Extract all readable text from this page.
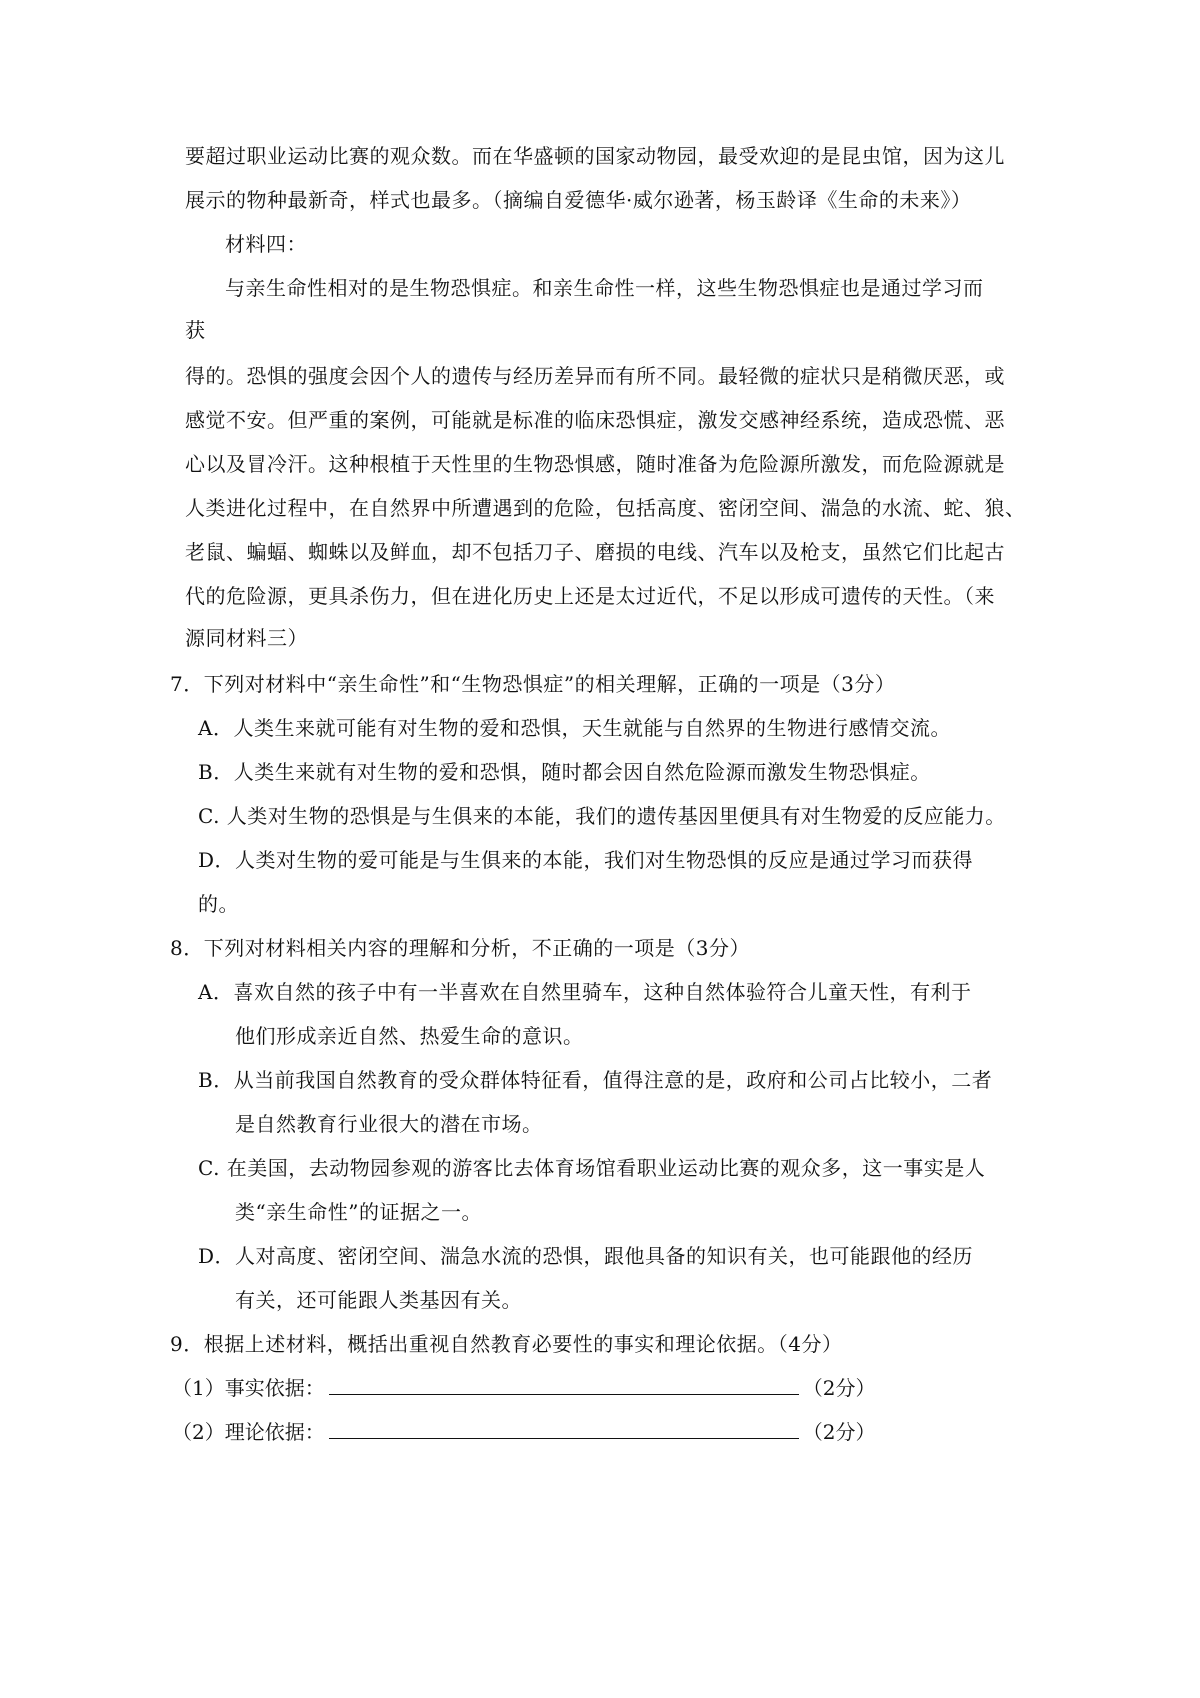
要超过职业运动比赛的观众数。而在华盛顿的国家动物园，最受欢迎的是昆虫馆，因为这儿
展示的物种最新奇，样式也最多。（摘编自爱德华·威尔逊著，杨玉龄译《生命的未来》）
材料四：
与亲生命性相对的是生物恐惧症。和亲生命性一样，这些生物恐惧症也是通过学习而
获
得的。恐惧的强度会因个人的遗传与经历差异而有所不同。最轻微的症状只是稍微厌恶，或
感觉不安。但严重的案例，可能就是标准的临床恐惧症，激发交感神经系统，造成恐慌、恶
心以及冒冷汗。这种根植于天性里的生物恐惧感，随时准备为危险源所激发，而危险源就是
人类进化过程中，在自然界中所遭遇到的危险，包括高度、密闭空间、湍急的水流、蛇、狼、
老鼠、蝙蝠、蜘蛛以及鲜血，却不包括刀子、磨损的电线、汽车以及枪支，虽然它们比起古
代的危险源，更具杀伤力，但在进化历史上还是太过近代，不足以形成可遗传的天性。（来
源同材料三）
7．下列对材料中“亲生命性”和“生物恐惧症”的相关理解，正确的一项是（3分）
A．人类生来就可能有对生物的爱和恐惧，天生就能与自然界的生物进行感情交流。
B．人类生来就有对生物的爱和恐惧，随时都会因自然危险源而激发生物恐惧症。
C. 人类对生物的恐惧是与生俱来的本能，我们的遗传基因里便具有对生物爱的反应能力。
D．人类对生物的爱可能是与生俱来的本能，我们对生物恐惧的反应是通过学习而获得
的。
8．下列对材料相关内容的理解和分析，不正确的一项是（3分）
A．喜欢自然的孩子中有一半喜欢在自然里骑车，这种自然体验符合儿童天性，有利于
他们形成亲近自然、热爱生命的意识。
B．从当前我国自然教育的受众群体特征看，值得注意的是，政府和公司占比较小，二者
是自然教育行业很大的潜在市场。
C. 在美国，去动物园参观的游客比去体育场馆看职业运动比赛的观众多，这一事实是人
类“亲生命性”的证据之一。
D．人对高度、密闭空间、湍急水流的恐惧，跟他具备的知识有关，也可能跟他的经历
有关，还可能跟人类基因有关。
9．根据上述材料，概括出重视自然教育必要性的事实和理论依据。（4分）
（1）事实依据：	（2分）
（2）理论依据：	（2分）
